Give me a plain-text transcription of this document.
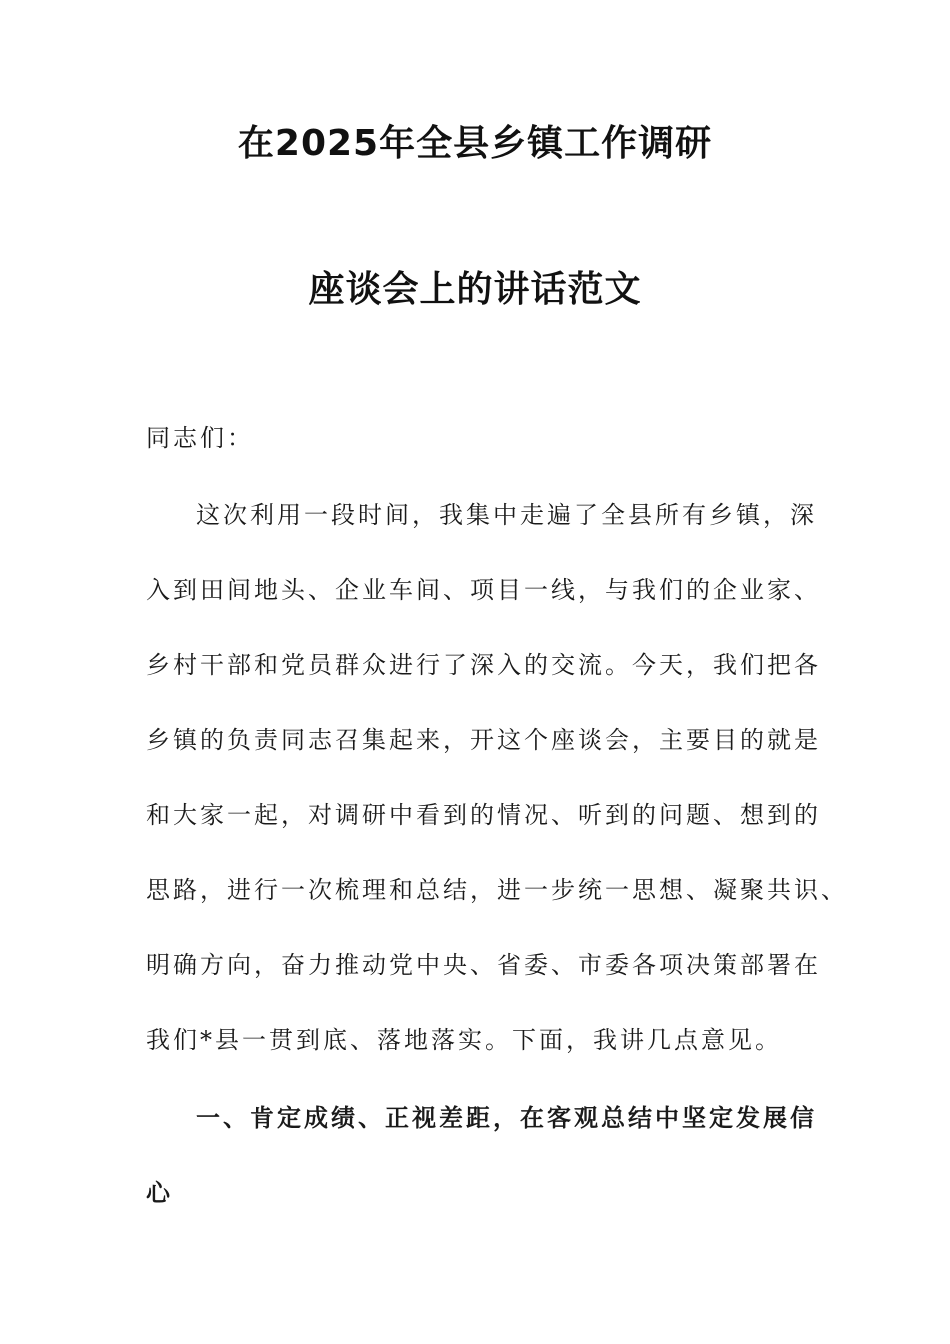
在2025年全县乡镇工作调研
座谈会上的讲话范文
同志们：
这次利用一段时间，我集中走遍了全县所有乡镇，深
入到田间地头、企业车间、项目一线，与我们的企业家、
乡村干部和党员群众进行了深入的交流。今天，我们把各
乡镇的负责同志召集起来，开这个座谈会，主要目的就是
和大家一起，对调研中看到的情况、听到的问题、想到的
思路，进行一次梳理和总结，进一步统一思想、凝聚共识、
明确方向，奋力推动党中央、省委、市委各项决策部署在
我们*县一贯到底、落地落实。下面，我讲几点意见。
一、肯定成绩、正视差距，在客观总结中坚定发展信
心
